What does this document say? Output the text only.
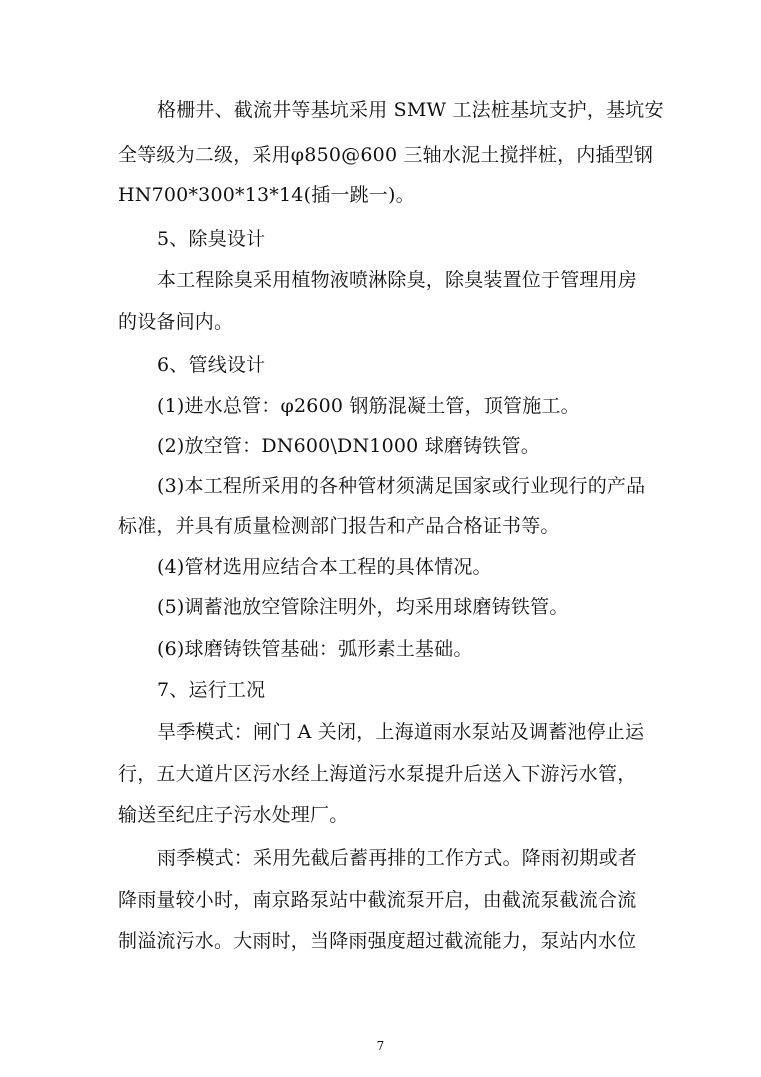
格栅井、截流井等基坑采用 SMW 工法桩基坑支护，基坑安
全等级为二级，采用φ850@600 三轴水泥土搅拌桩，内插型钢
HN700*300*13*14(插一跳一)。
5、除臭设计
本工程除臭采用植物液喷淋除臭，除臭装置位于管理用房
的设备间内。
6、管线设计
(1)进水总管：φ2600 钢筋混凝土管，顶管施工。
(2)放空管：DN600\DN1000 球磨铸铁管。
(3)本工程所采用的各种管材须满足国家或行业现行的产品
标准，并具有质量检测部门报告和产品合格证书等。
(4)管材选用应结合本工程的具体情况。
(5)调蓄池放空管除注明外，均采用球磨铸铁管。
(6)球磨铸铁管基础：弧形素土基础。
7、运行工况
旱季模式：闸门 A 关闭，上海道雨水泵站及调蓄池停止运
行，五大道片区污水经上海道污水泵提升后送入下游污水管，
输送至纪庄子污水处理厂。
雨季模式：采用先截后蓄再排的工作方式。降雨初期或者
降雨量较小时，南京路泵站中截流泵开启，由截流泵截流合流
制溢流污水。大雨时，当降雨强度超过截流能力，泵站内水位
7
